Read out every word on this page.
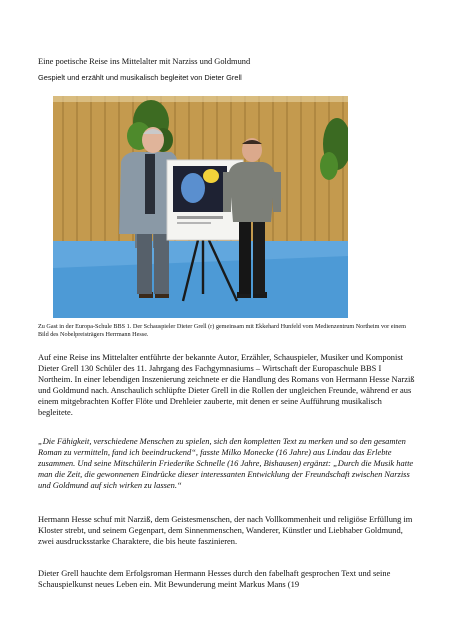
Eine poetische Reise ins Mittelalter mit Narziss und Goldmund
Gespielt und erzählt und musikalisch begleitet von Dieter Grell
Zu Gast in der Europa-Schule BBS 1. Der Schauspieler Dieter Grell (r) gemeinsam mit Ekkehard Hunfeld vom Medienzentrum Northeim vor einem Bild des Nobelpreisträgers Herrmann Hesse.

Auf eine Reise ins Mittelalter entführte der bekannte Autor, Erzähler, Schauspieler, Musiker und Komponist Dieter Grell 130 Schüler des 11. Jahrgang des Fachgymnasiums – Wirtschaft der Europaschule BBS I Northeim. In einer lebendigen Inszenierung zeichnete er die Handlung des Romans von Hermann Hesse Narziß und Goldmund nach. Anschaulich schlüpfte Dieter Grell in die Rollen der ungleichen Freunde, während er aus einem mitgebrachten Koffer Flöte und Drehleier zauberte, mit denen er seine Aufführung musikalisch begleitete.

„Die Fähigkeit, verschiedene Menschen zu spielen, sich den kompletten Text zu merken und so den gesamten Roman zu vermitteln, fand ich beeindruckend“, fasste Milko Monecke (16 Jahre) aus Lindau das Erlebte zusammen. Und seine Mitschülerin Friederike Schnelle (16 Jahre, Bishausen) ergänzt: „Durch die Musik hatte man die Zeit, die gewonnenen Eindrücke dieser interessanten Entwicklung der Freundschaft zwischen Narziss und Goldmund auf sich wirken zu lassen.“

Hermann Hesse schuf mit Narziß, dem Geistesmenschen, der nach Vollkommenheit und religiöse Erfüllung im Kloster strebt, und seinem Gegenpart, dem Sinnenmenschen, Wanderer, Künstler und Liebhaber Goldmund, zwei ausdrucksstarke Charaktere, die bis heute faszinieren.

Dieter Grell hauchte dem Erfolgsroman Hermann Hesses durch den fabelhaft gesprochen Text und seine Schauspielkunst neues Leben ein. Mit Bewunderung meint Markus Mans (19
